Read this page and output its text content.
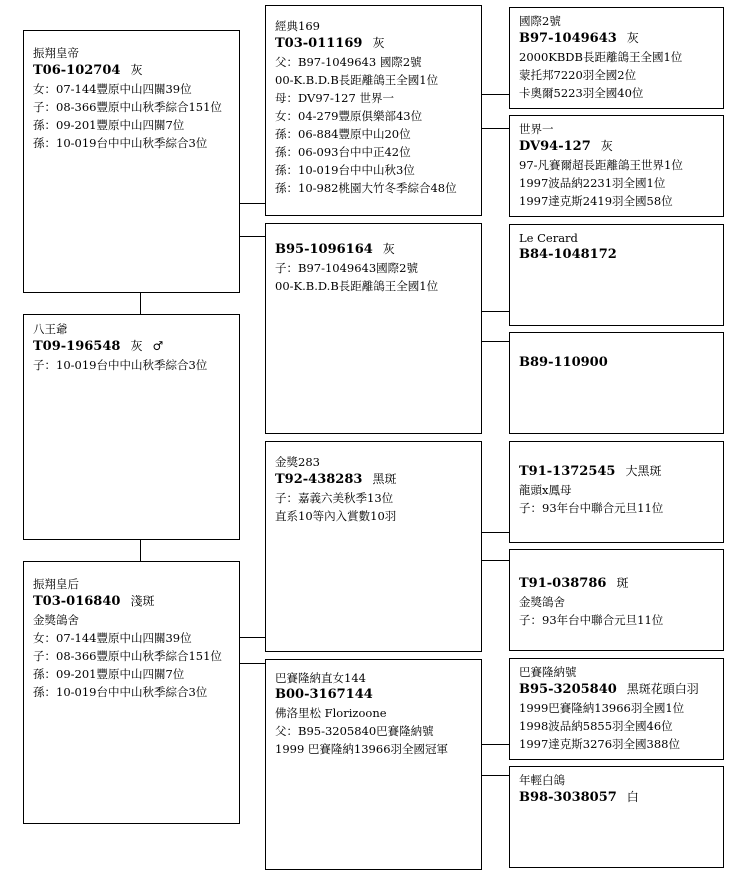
振翔皇帝
T06-102704 灰
女：07-144豐原中山四關39位
子：08-366豐原中山秋季綜合151位
孫：09-201豐原中山四關7位
孫：10-019台中中山秋季綜合3位
八王爺
T09-196548 灰 ♂
子：10-019台中中山秋季綜合3位
振翔皇后
T03-016840 淺斑
金獎鴿舍
女：07-144豐原中山四關39位
子：08-366豐原中山秋季綜合151位
孫：09-201豐原中山四關7位
孫：10-019台中中山秋季綜合3位
經典169
T03-011169 灰
父：B97-1049643 國際2號
00-K.B.D.B長距離鴿王全國1位
母：DV97-127 世界一
女：04-279豐原俱樂部43位
孫：06-884豐原中山20位
孫：06-093台中中正42位
孫：10-019台中中山秋3位
孫：10-982桃園大竹冬季綜合48位
B95-1096164 灰
子：B97-1049643國際2號
00-K.B.D.B長距離鴿王全國1位
金獎283
T92-438283 黑斑
子：嘉義六美秋季13位
直系10等內入賞數10羽
巴賽隆納直女144
B00-3167144
佛洛里松 Florizoone
父：B95-3205840巴賽隆納號
1999 巴賽隆納13966羽全國冠軍
國際2號
B97-1049643 灰
2000KBDB長距離鴿王全國1位
蒙托邦7220羽全國2位
卡奧爾5223羽全國40位
世界一
DV94-127 灰
97-凡賽爾超長距離鴿王世界1位
1997波品納2231羽全國1位
1997達克斯2419羽全國58位
Le Cerard
B84-1048172
B89-110900
T91-1372545 大黑斑
龍頭x鳳母
子：93年台中聯合元旦11位
T91-038786 斑
金獎鴿舍
子：93年台中聯合元旦11位
巴賽隆納號
B95-3205840 黑斑花頭白羽
1999巴賽隆納13966羽全國1位
1998波品納5855羽全國46位
1997達克斯3276羽全國388位
年輕白鴿
B98-3038057 白
